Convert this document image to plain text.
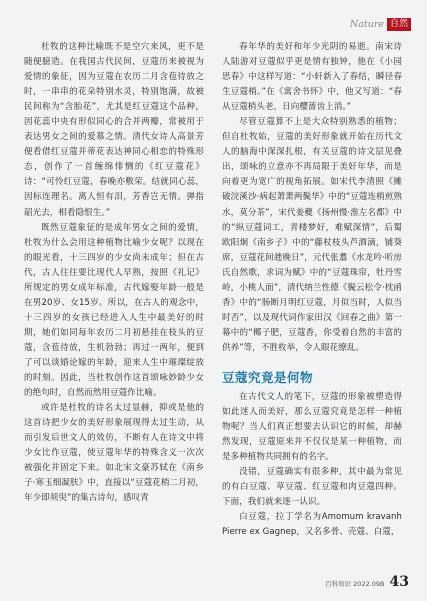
Nature 自然

杜牧的这种比喻既不是空穴来风，更不是随便臆造。在我国古代民间，豆蔻历来被视为爱情的象征，因为豆蔻在农历二月含苞待放之时，一串串的花朵特别水灵，特别饱满，故被民间称为“含胎花”，尤其是红豆蔻这个品种，因花蕊中央有形似同心的合并两瓣，常被用于表达男女之间的爱慕之情。清代女诗人高景芳便看借红豆蔻并蒂花表达神同心相恋的特殊形态，创作了一首缠绵悱恻的《红豆蔻花》诗：“可怜红豆蔻，春晚亦敷荣。结就同心蕊，因标连理名。离人恒有泪，芳香岂无情。弹指韶光去，相看隐恨生。”

既然豆蔻象征的是成年男女之间的爱情，杜牧为什么会用这种植物比喻少女呢？以现在的眼光看，十三四岁的少女尚未成年；但在古代，古人往往要比现代人早熟，按照《礼记》所规定的男女成年标准，古代嫁娶年龄一般是在男20岁、女15岁。所以，在古人的观念中，十三四岁的女孩已经进入人生中最美好的时期，她们如同每年农历二月初悬挂在枝头的豆蔻，含苞待放，生机勃勃；再过一两年，便到了可以谈婚论嫁的年龄，迎来人生中璀璨绽放的时刻。因此，当杜牧创作这首颂咏妙龄少女的绝句时，自然而然用豆蔻作比喻。

或许是杜牧的诗名太过显赫，抑或是他的这首诗把少女的美好形象展现得太过生动，从而引发后世文人的效仿，不断有人在诗文中将少女比作豆蔻，使豆蔻年华的特殊含义一次次被强化并固定下来。如北宋文豪苏轼在《南乡子·寒玉细凝肤》中，直接以“豆蔻花梢二月初，年少即须臾”的集古诗句，感叹青

春年华的美好和年少光阴的易逝。南宋诗人陆游对豆蔻似乎更是情有独钟，他在《小园思春》中这样写道：“小轩新入了春结，瞬径春生豆蔻梢。”在《寓舍书怀》中，他又写道：“春从豆蔻梢头老，日向樱蔷齿上消。”

尽管豆蔻算不上是大众特别熟悉的植物；但自杜牧始，豆蔻的美好形象就开始在历代文人的脑海中深深扎根，有关豆蔻的诗文层见叠出，颂咏的立意亦不再局限于美好年华，而是向着更为宽广的视角拓展。如宋代李清照《摊破浣溪沙·病起萧萧两鬓华》中的“豆蔻连梢煎熟水，莫分茶”，宋代姜夔《扬州慢·淮左名都》中的“纵豆蔻词工，青楼梦好，难赋深情”，后蜀欧阳炯《南乡子》中的“藤杖枝头芦酒滴，铺葵席，豆蔻花间趖晚日”，元代张翥《水龙吟·听房氏自然歌，求词为赋》中的“豆蔻珠帘，牡丹雪岭，小桃人面”，清代纳兰性德《鬓云松令·枕函香》中的“肠断月明红豆蔻，月似当时，人似当时否”，以及现代词作家田汉《回春之曲》第一幕中的“椰子肥，豆蔻香，你受着自然的丰富的供养”等，不胜枚举，令人眼花缭乱。

豆蔻究竟是何物

在古代文人的笔下，豆蔻的形象被塑造得如此迷人而美好，那么豆蔻究竟是怎样一种植物呢？当人们真正想要去认识它的时候，却赫然发现，豆蔻原来并不仅仅是某一种植物，而是多种植物共同拥有的名字。

没错，豆蔻确实有很多种，其中最为常见的有白豆蔻、草豆蔻、红豆蔻和肉豆蔻四种。下面，我们就来逐一认识。

白豆蔻，拉丁学名为Amomum kravanh Pierre ex Gagnep，又名多骨、壳蔻、白蔻，

百科知识 2022.09B 43
